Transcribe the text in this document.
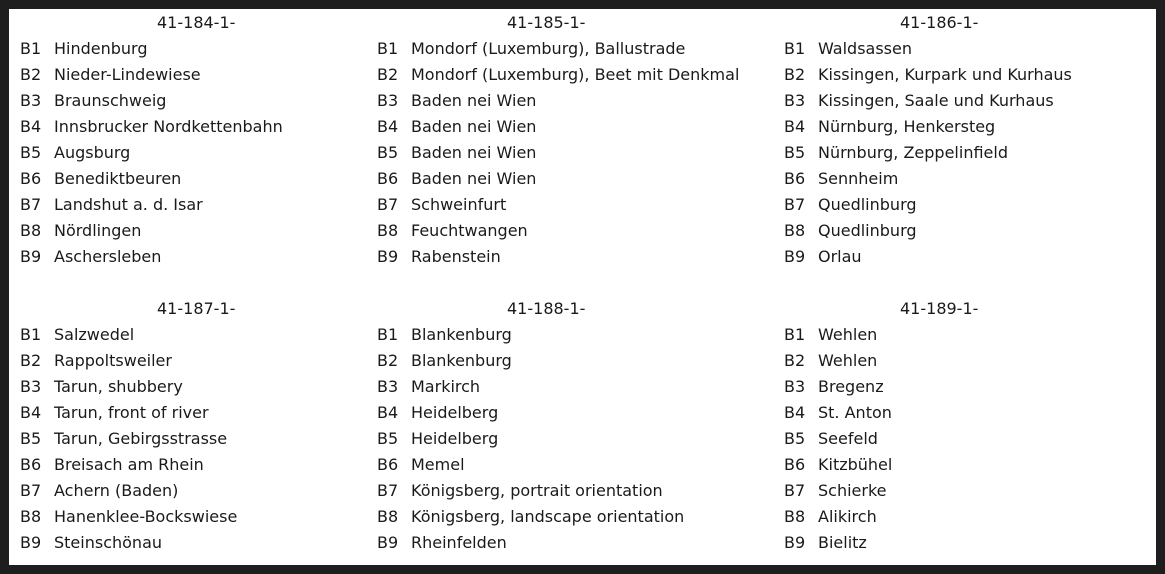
41-184-1-
B1 Hindenburg
B2 Nieder-Lindewiese
B3 Braunschweig
B4 Innsbrucker Nordkettenbahn
B5 Augsburg
B6 Benediktbeuren
B7 Landshut a. d. Isar
B8 Nördlingen
B9 Aschersleben
41-185-1-
B1 Mondorf (Luxemburg), Ballustrade
B2 Mondorf (Luxemburg), Beet mit Denkmal
B3 Baden nei Wien
B4 Baden nei Wien
B5 Baden nei Wien
B6 Baden nei Wien
B7 Schweinfurt
B8 Feuchtwangen
B9 Rabenstein
41-186-1-
B1 Waldsassen
B2 Kissingen, Kurpark und Kurhaus
B3 Kissingen, Saale und Kurhaus
B4 Nürnburg, Henkersteg
B5 Nürnburg, Zeppelinfield
B6 Sennheim
B7 Quedlinburg
B8 Quedlinburg
B9 Orlau
41-187-1-
B1 Salzwedel
B2 Rappoltsweiler
B3 Tarun, shubbery
B4 Tarun, front of river
B5 Tarun, Gebirgsstrasse
B6 Breisach am Rhein
B7 Achern (Baden)
B8 Hanenklee-Bockswiese
B9 Steinschönau
41-188-1-
B1 Blankenburg
B2 Blankenburg
B3 Markirch
B4 Heidelberg
B5 Heidelberg
B6 Memel
B7 Königsberg, portrait orientation
B8 Königsberg, landscape orientation
B9 Rheinfelden
41-189-1-
B1 Wehlen
B2 Wehlen
B3 Bregenz
B4 St. Anton
B5 Seefeld
B6 Kitzbühel
B7 Schierke
B8 Alikirch
B9 Bielitz
